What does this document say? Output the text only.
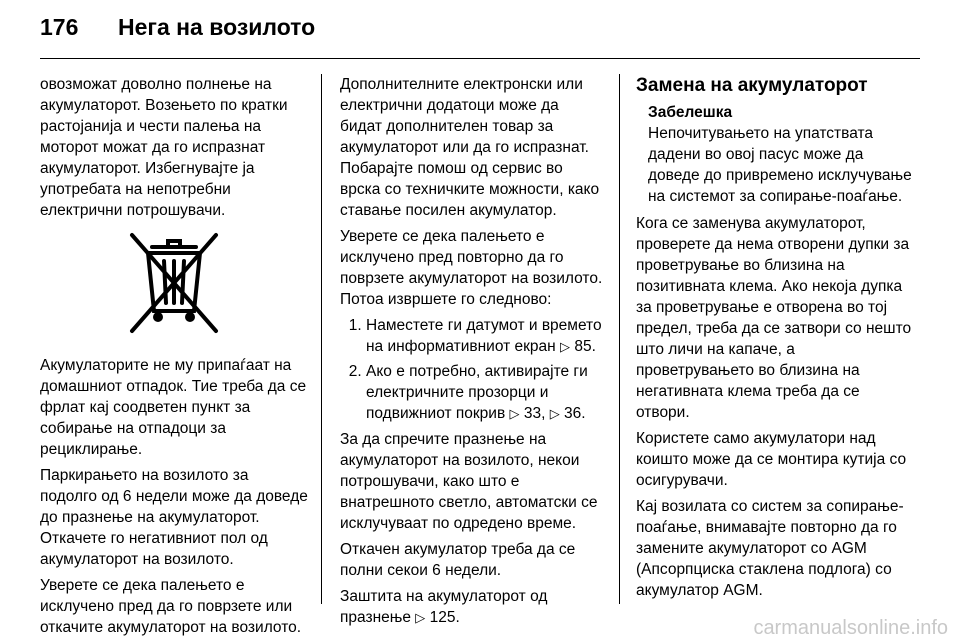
176 Нега на возилото

овозможат доволно полнење на акумулаторот. Возењето по кратки растојанија и чести палења на моторот можат да го испразнат акумулаторот. Избегнувајте ја употребата на непотребни електрични потрошувачи.

Акумулаторите не му припаѓаат на домашниот отпадок. Тие треба да се фрлат кај соодветен пункт за собирање на отпадоци за рециклирање.

Паркирањето на возилото за подолго од 6 недели може да доведе до празнење на акумулаторот. Откачете го негативниот пол од акумулаторот на возилото.

Уверете се дека палењето е исклучено пред да го поврзете или откачите акумулаторот на возилото.

Дополнителните електронски или електрични додатоци може да бидат дополнителен товар за акумулаторот или да го испразнат. Побарајте помош од сервис во врска со техничките можности, како ставање посилен акумулатор.

Уверете се дека палењето е исклучено пред повторно да го поврзете акумулаторот на возилото. Потоа извршете го следново:

1. Наместете ги датумот и времето на информативниот екран ▷ 85.
2. Ако е потребно, активирајте ги електричните прозорци и подвижниот покрив ▷ 33, ▷ 36.

За да спречите празнење на акумулаторот на возилото, некои потрошувачи, како што е внатрешното светло, автоматски се исклучуваат по одредено време.

Откачен акумулатор треба да се полни секои 6 недели.

Заштита на акумулаторот од празнење ▷ 125.

Замена на акумулаторот
Забелешка
Непочитувањето на упатствата дадени во овој пасус може да доведе до привремено исклучување на системот за сопирање-поаѓање.

Кога се заменува акумулаторот, проверете да нема отворени дупки за проветрување во близина на позитивната клема. Ако некоја дупка за проветрување е отворена во тој предел, треба да се затвори со нешто што личи на капаче, а проветрувањето во близина на негативната клема треба да се отвори.

Користете само акумулатори над коишто може да се монтира кутија со осигурувачи.

Кај возилата со систем за сопирање-поаѓање, внимавајте повторно да го замените акумулаторот со AGM (Апсорпциска стаклена подлога) со акумулатор AGM.

carmanualsonline.info
